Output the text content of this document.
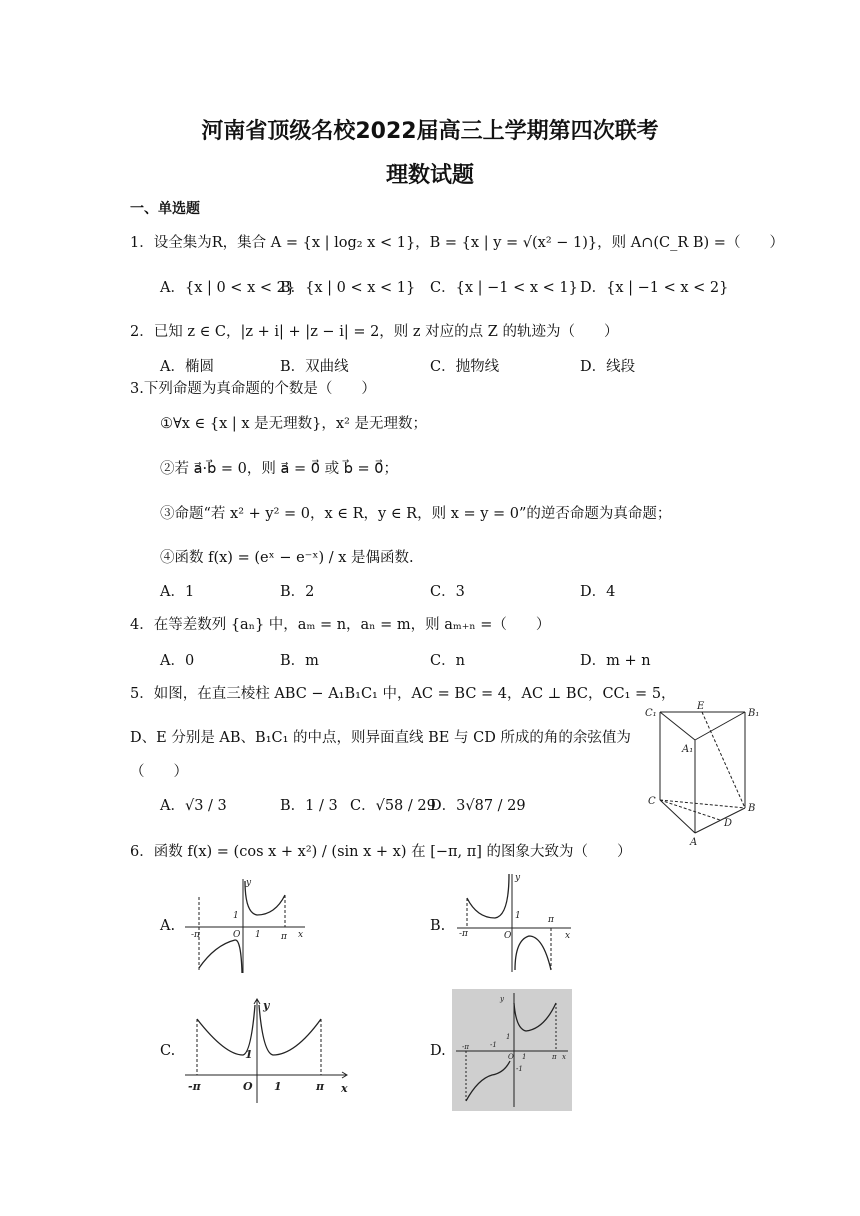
河南省顶级名校2022届高三上学期第四次联考
理数试题
一、单选题
1．设全集为R，集合 A = {x | log₂ x < 1}，B = {x | y = √(x² − 1)}，则 A∩(C_R B) =（　　）
A．{x | 0 < x < 2}
B．{x | 0 < x < 1} C．{x | −1 < x < 1} D．{x | −1 < x < 2}
2．已知 z ∈ C，|z + i| + |z − i| = 2，则 z 对应的点 Z 的轨迹为（　　）
A．椭圆	B．双曲线	C．抛物线	D．线段
3.下列命题为真命题的个数是（　　）
①∀x ∈ {x | x 是无理数}，x² 是无理数；
②若 a⃗·b⃗ = 0，则 a⃗ = 0⃗ 或 b⃗ = 0⃗；
③命题“若 x² + y² = 0，x ∈ R，y ∈ R，则 x = y = 0”的逆否命题为真命题；
④函数 f(x) = (eˣ − e⁻ˣ) / x 是偶函数.
A．1	B．2	C．3	D．4
4．在等差数列 {aₙ} 中，aₘ = n，aₙ = m，则 aₘ₊ₙ =（　　）
A．0	B．m	C．n	D．m + n
5．如图，在直三棱柱 ABC − A₁B₁C₁ 中，AC = BC = 4，AC ⊥ BC，CC₁ = 5，
D、E 分别是 AB、B₁C₁ 的中点，则异面直线 BE 与 CD 所成的角的余弦值为
（　　）
A．√3 / 3	B．1 / 3 C．√58 / 29
D．3√87 / 29
C₁
E
B₁
A₁
C
B
D
A
6．函数 f(x) = (cos x + x²) / (sin x + x) 在 [−π, π] 的图象大致为（　　）
A.	B.
C.	D.
-π	O 1
1
π x
y
-π	O
1	π
x
y
-π	O 1
1
π x
y
-π	-1
O 1
1
-1
π x
y
